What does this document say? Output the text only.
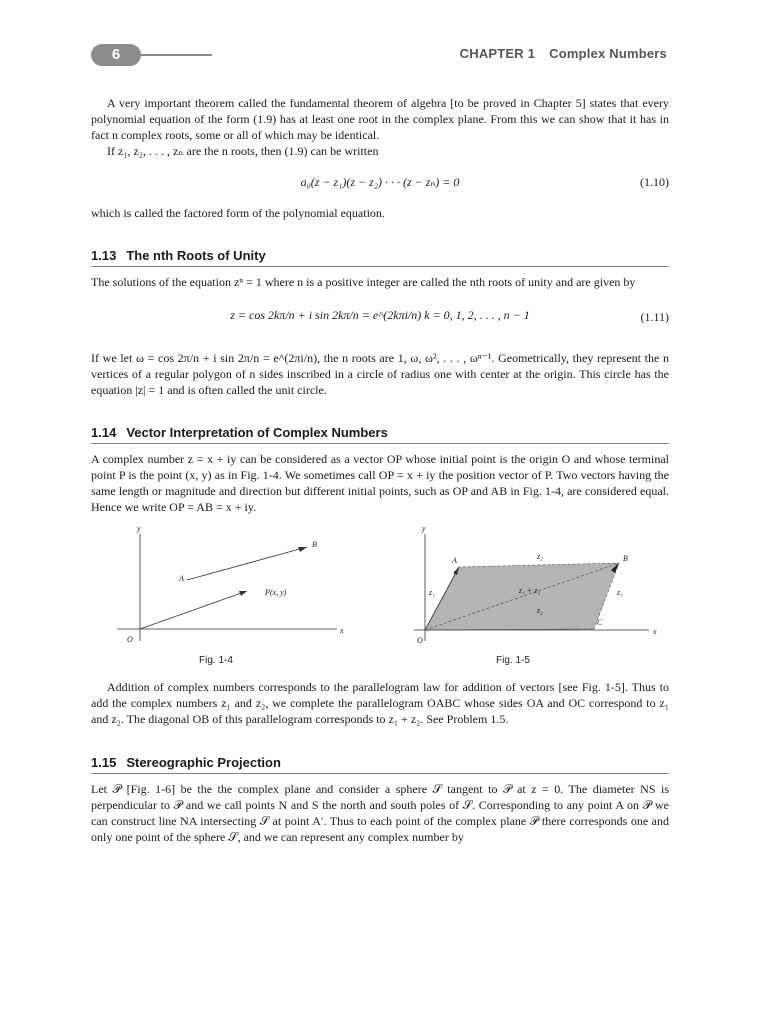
6	CHAPTER 1 Complex Numbers

A very important theorem called the fundamental theorem of algebra [to be proved in Chapter 5] states that every polynomial equation of the form (1.9) has at least one root in the complex plane. From this we can show that it has in fact n complex roots, some or all of which may be identical.

If z₁, z₂, . . . , zₙ are the n roots, then (1.9) can be written

a₀(z − z₁)(z − z₂) · · · (z − zₙ) = 0	(1.10)

which is called the factored form of the polynomial equation.

1.13 The nth Roots of Unity

The solutions of the equation zⁿ = 1 where n is a positive integer are called the nth roots of unity and are given by

z = cos 2kπ/n + i sin 2kπ/n = e^(2kπi/n) k = 0, 1, 2, . . . , n − 1	(1.11)

If we let ω = cos 2π/n + i sin 2π/n = e^(2πi/n), the n roots are 1, ω, ω², . . . , ωⁿ⁻¹. Geometrically, they represent the n vertices of a regular polygon of n sides inscribed in a circle of radius one with center at the origin. This circle has the equation |z| = 1 and is often called the unit circle.

1.14 Vector Interpretation of Complex Numbers

A complex number z = x + iy can be considered as a vector OP whose initial point is the origin O and whose terminal point P is the point (x, y) as in Fig. 1-4. We sometimes call OP = x + iy the position vector of P. Two vectors having the same length or magnitude and direction but different initial points, such as OP and AB in Fig. 1-4, are considered equal. Hence we write OP = AB = x + iy.

y
x
O
A
B
P(x, y)
Fig. 1-4
y
x
O
A	B
C
z₁	z₁
z₂
z₂
z₁ + z₂
Fig. 1-5

Addition of complex numbers corresponds to the parallelogram law for addition of vectors [see Fig. 1-5]. Thus to add the complex numbers z₁ and z₂, we complete the parallelogram OABC whose sides OA and OC correspond to z₁ and z₂. The diagonal OB of this parallelogram corresponds to z₁ + z₂. See Problem 1.5.

1.15 Stereographic Projection

Let 𝒫 [Fig. 1-6] be the the complex plane and consider a sphere 𝒮 tangent to 𝒫 at z = 0. The diameter NS is perpendicular to 𝒫 and we call points N and S the north and south poles of 𝒮. Corresponding to any point A on 𝒫 we can construct line NA intersecting 𝒮 at point A′. Thus to each point of the complex plane 𝒫 there corresponds one and only one point of the sphere 𝒮, and we can represent any complex number by
